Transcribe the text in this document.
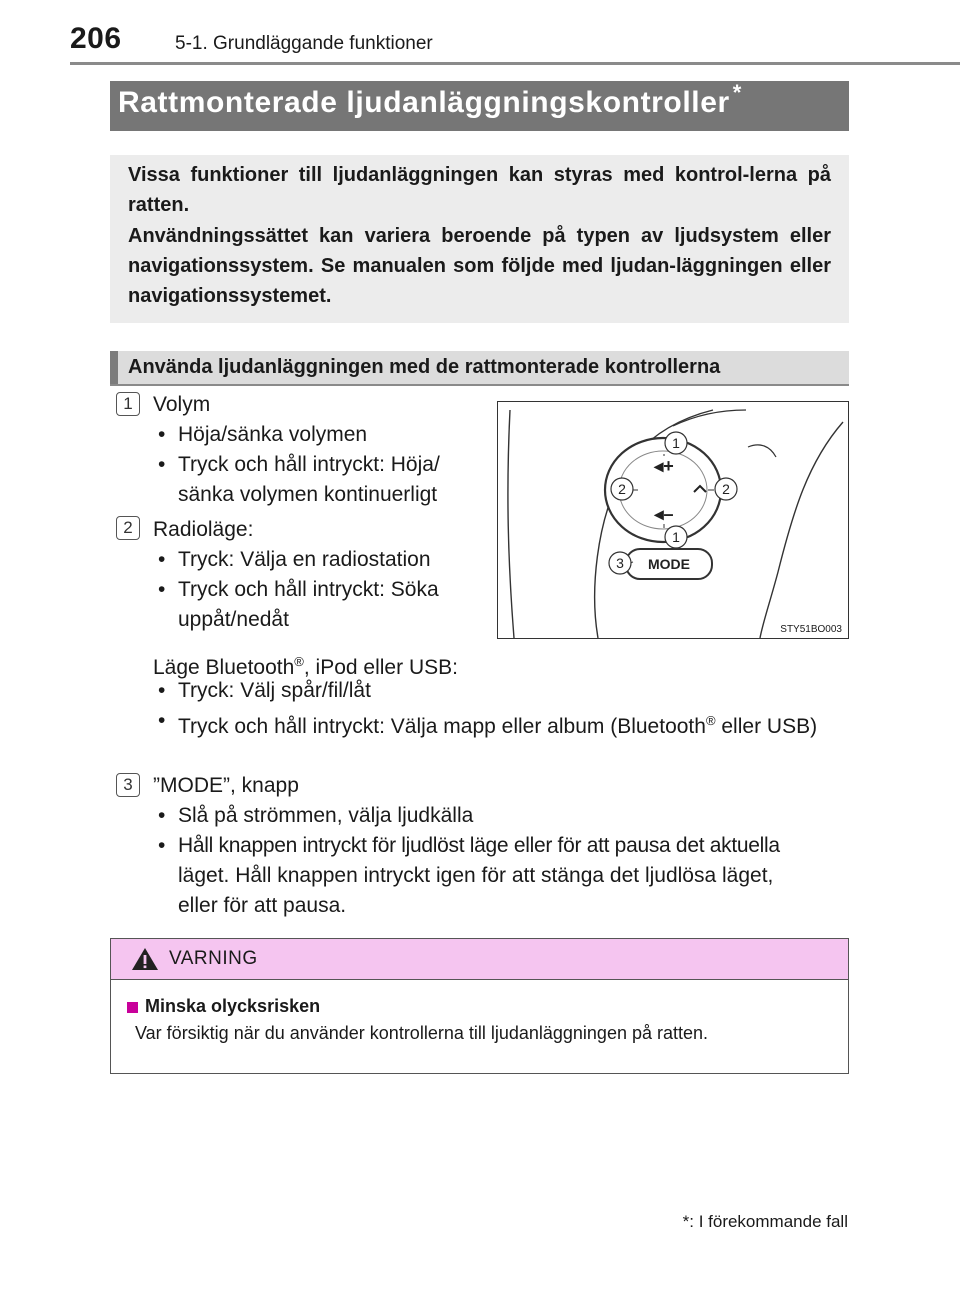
206	5-1. Grundläggande funktioner
Rattmonterade ljudanläggningskontroller *

Vissa funktioner till ljudanläggningen kan styras med kontrol-lerna på ratten.

Användningssättet kan variera beroende på typen av ljudsystem eller navigationssystem. Se manualen som följde med ljudan-läggningen eller navigationssystemet.

Använda ljudanläggningen med de rattmonterade kontrollerna
1 Volym
• Höja/sänka volymen
• Tryck och håll intryckt: Höja/
sänka volymen kontinuerligt
2 Radioläge:
• Tryck: Välja en radiostation
• Tryck och håll intryckt: Söka
uppåt/nedåt
Läge Bluetooth®, iPod eller USB:
• Tryck: Välj spår/fil/låt
• Tryck och håll intryckt: Välja mapp eller album (Bluetooth® eller USB)
3 ”MODE”, knapp
• Slå på strömmen, välja ljudkälla
• Håll knappen intryckt för ljudlöst läge eller för att pausa det aktuella
läget. Håll knappen intryckt igen för att stänga det ljudlösa läget,
eller för att pausa.
◂+
◂–
MODE
1
2	2
1
3
STY51BO003
VARNING
Minska olycksrisken
Var försiktig när du använder kontrollerna till ljudanläggningen på ratten.
*: I förekommande fall
